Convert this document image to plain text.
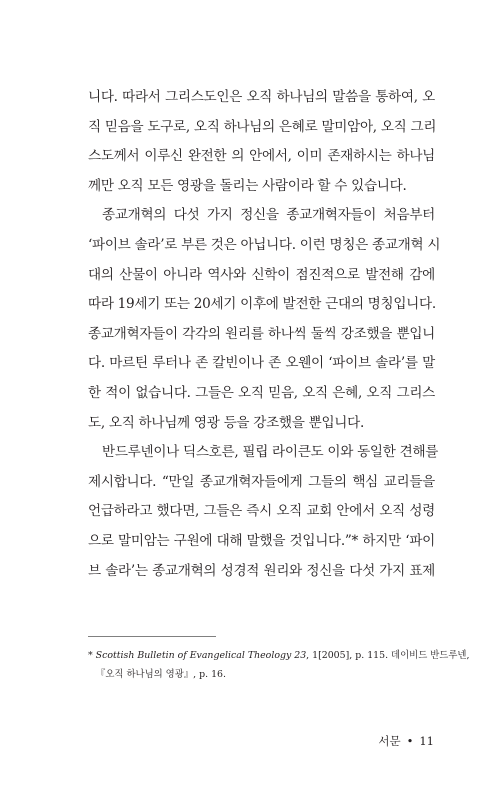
니다. 따라서 그리스도인은 오직 하나님의 말씀을 통하여, 오
직 믿음을 도구로, 오직 하나님의 은혜로 말미암아, 오직 그리
스도께서 이루신 완전한 의 안에서, 이미 존재하시는 하나님
께만 오직 모든 영광을 돌리는 사람이라 할 수 있습니다.
종교개혁의 다섯 가지 정신을 종교개혁자들이 처음부터
‘파이브 솔라’로 부른 것은 아닙니다. 이런 명칭은 종교개혁 시
대의 산물이 아니라 역사와 신학이 점진적으로 발전해 감에
따라 19세기 또는 20세기 이후에 발전한 근대의 명칭입니다.
종교개혁자들이 각각의 원리를 하나씩 둘씩 강조했을 뿐입니
다. 마르틴 루터나 존 칼빈이나 존 오웬이 ‘파이브 솔라’를 말
한 적이 없습니다. 그들은 오직 믿음, 오직 은혜, 오직 그리스
도, 오직 하나님께 영광 등을 강조했을 뿐입니다.
반드루넨이나 딕스호른, 필립 라이큰도 이와 동일한 견해를
제시합니다. “만일 종교개혁자들에게 그들의 핵심 교리들을
언급하라고 했다면, 그들은 즉시 오직 교회 안에서 오직 성령
으로 말미암는 구원에 대해 말했을 것입니다.”* 하지만 ‘파이
브 솔라’는 종교개혁의 성경적 원리와 정신을 다섯 가지 표제
* Scottish Bulletin of Evangelical Theology 23, 1[2005], p. 115. 데이비드 반드루넨,
『오직 하나님의 영광』, p. 16.
서문 • 11
